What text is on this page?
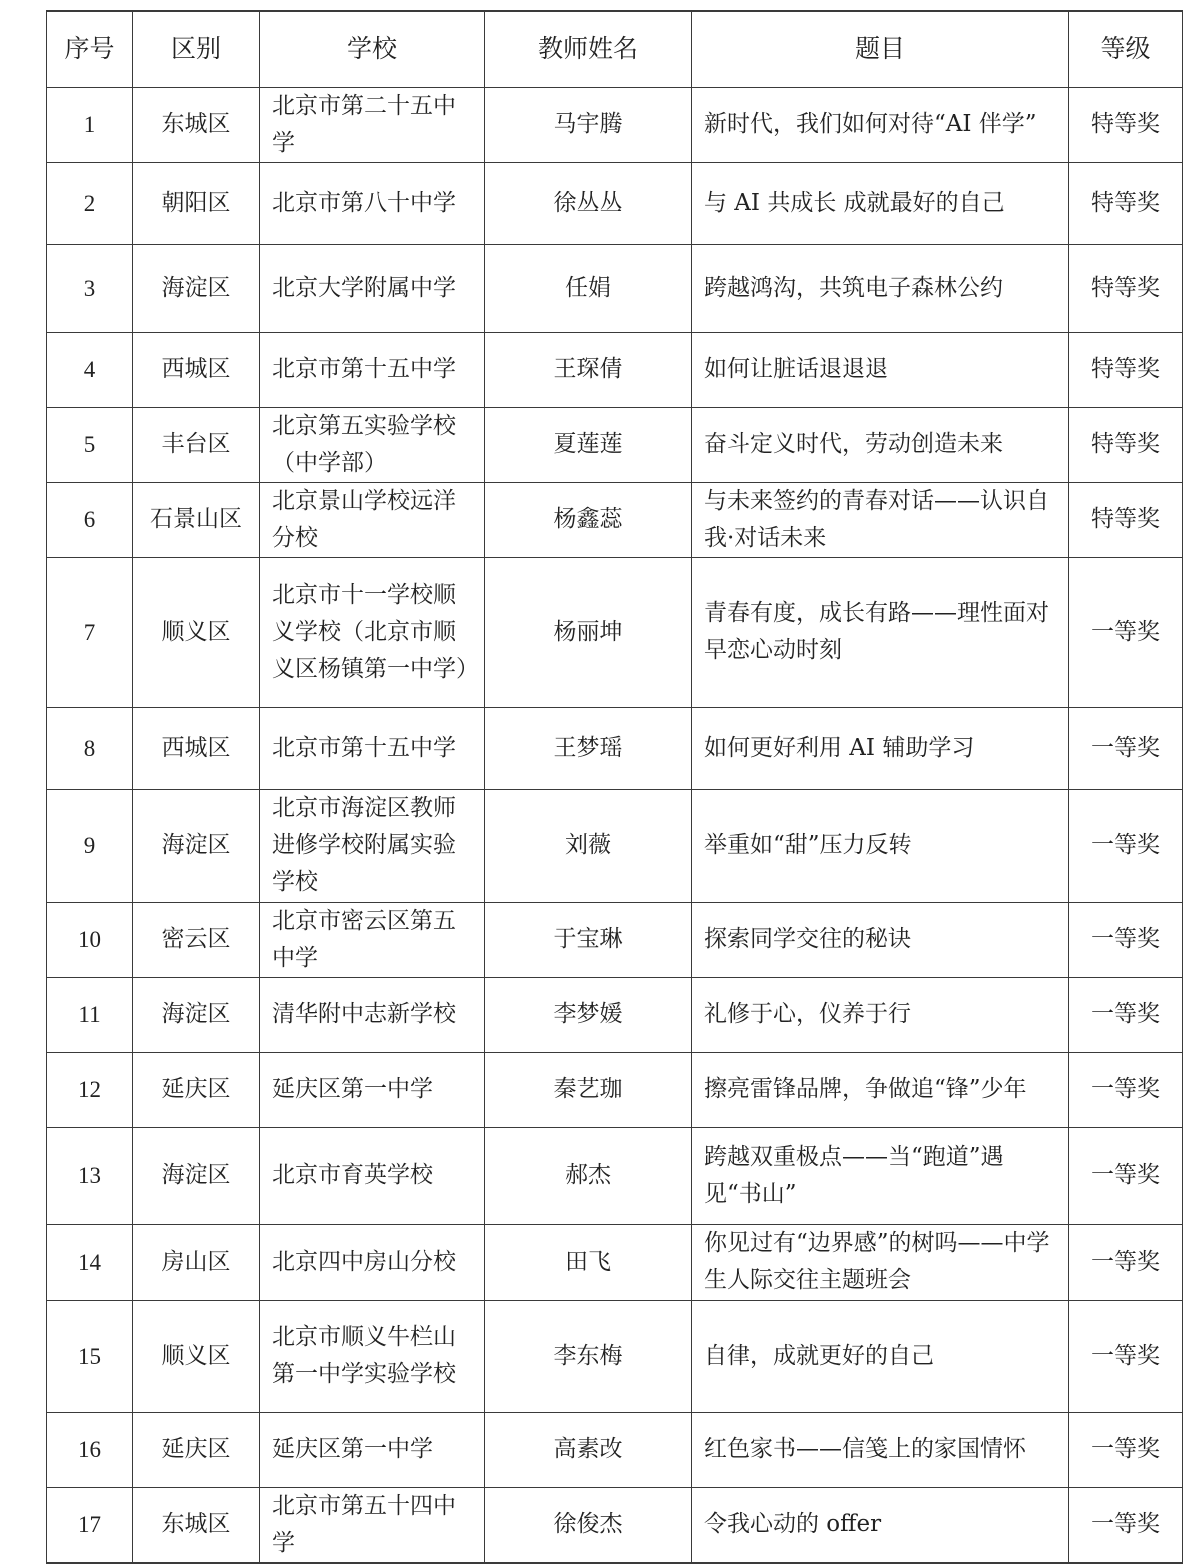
序号	区别	学校	教师姓名	题目	等级
1	东城区	北京市第二十五中学	马宇腾	新时代，我们如何对待“AI 伴学”	特等奖
2	朝阳区	北京市第八十中学	徐丛丛	与 AI 共成长 成就最好的自己	特等奖
3	海淀区	北京大学附属中学	任娟	跨越鸿沟，共筑电子森林公约	特等奖
4	西城区	北京市第十五中学	王琛倩	如何让脏话退退退	特等奖
5	丰台区	北京第五实验学校（中学部）	夏莲莲	奋斗定义时代，劳动创造未来	特等奖
6	石景山区	北京景山学校远洋分校	杨鑫蕊	与未来签约的青春对话——认识自我·对话未来	特等奖
7	顺义区	北京市十一学校顺义学校（北京市顺义区杨镇第一中学）	杨丽坤	青春有度，成长有路——理性面对早恋心动时刻	一等奖
8	西城区	北京市第十五中学	王梦瑶	如何更好利用 AI 辅助学习	一等奖
9	海淀区	北京市海淀区教师进修学校附属实验学校	刘薇	举重如“甜”压力反转	一等奖
10	密云区	北京市密云区第五中学	于宝琳	探索同学交往的秘诀	一等奖
11	海淀区	清华附中志新学校	李梦媛	礼修于心，仪养于行	一等奖
12	延庆区	延庆区第一中学	秦艺珈	擦亮雷锋品牌，争做追“锋”少年	一等奖
13	海淀区	北京市育英学校	郝杰	跨越双重极点——当“跑道”遇见“书山”	一等奖
14	房山区	北京四中房山分校	田飞	你见过有“边界感”的树吗——中学生人际交往主题班会	一等奖
15	顺义区	北京市顺义牛栏山第一中学实验学校	李东梅	自律，成就更好的自己	一等奖
16	延庆区	延庆区第一中学	高素改	红色家书——信笺上的家国情怀	一等奖
17	东城区	北京市第五十四中学	徐俊杰	令我心动的 offer	一等奖
